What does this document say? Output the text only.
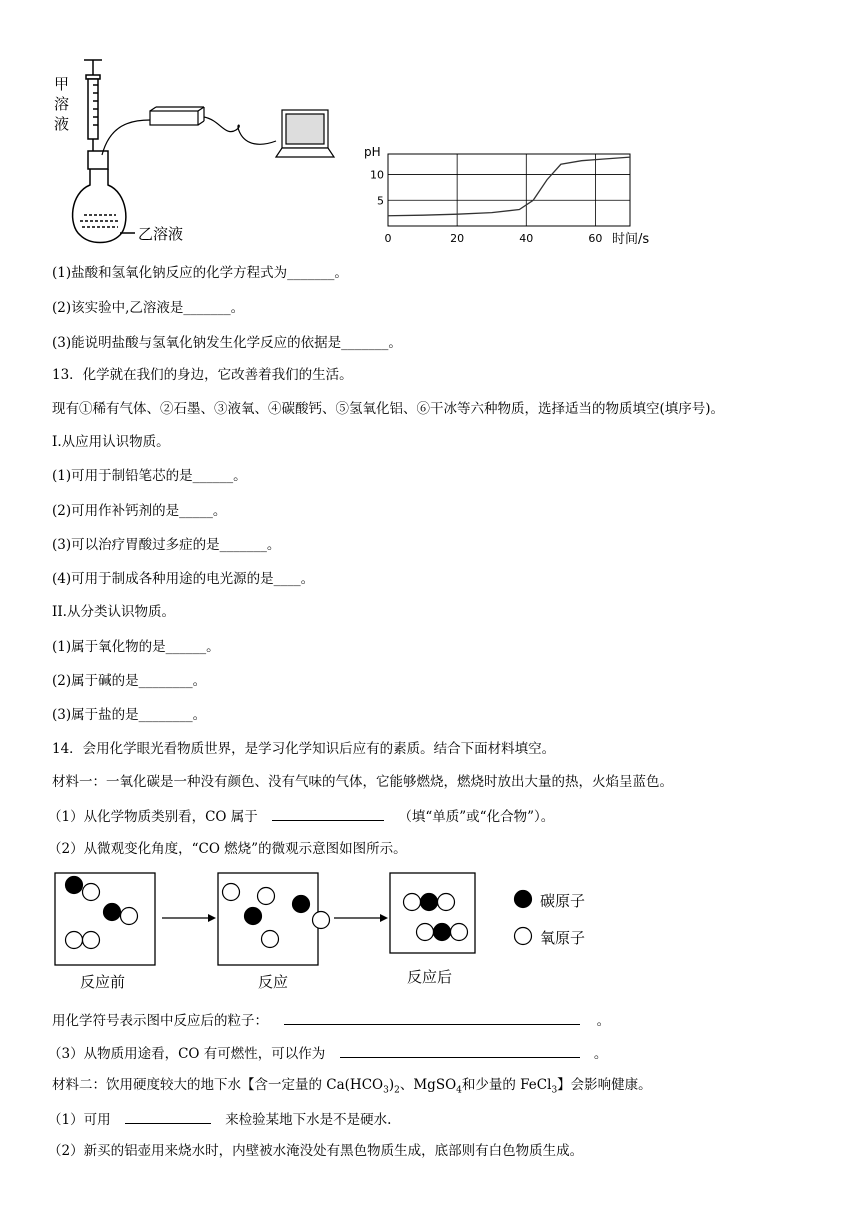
甲
溶
液
乙溶液
5
10
0	20	40	60
pH
时间/s
(1)盐酸和氢氧化钠反应的化学方程式为_______。
(2)该实验中,乙溶液是_______。
(3)能说明盐酸与氢氧化钠发生化学反应的依据是_______。
13．化学就在我们的身边，它改善着我们的生活。
现有①稀有气体、②石墨、③液氧、④碳酸钙、⑤氢氧化铝、⑥干冰等六种物质，选择适当的物质填空(填序号)。
I.从应用认识物质。
(1)可用于制铅笔芯的是______。
(2)可用作补钙剂的是_____。
(3)可以治疗胃酸过多症的是_______。
(4)可用于制成各种用途的电光源的是____。
II.从分类认识物质。
(1)属于氧化物的是______。
(2)属于碱的是________。
(3)属于盐的是________。
14．会用化学眼光看物质世界，是学习化学知识后应有的素质。结合下面材料填空。
材料一：一氧化碳是一种没有颜色、没有气味的气体，它能够燃烧，燃烧时放出大量的热，火焰呈蓝色。
（1）从化学物质类别看，CO 属于	（填“单质”或“化合物”）。
（2）从微观变化角度，“CO 燃烧”的微观示意图如图所示。
反应前	反应	反应后
碳原子
氧原子
用化学符号表示图中反应后的粒子：	。
（3）从物质用途看，CO 有可燃性，可以作为	。
材料二：饮用硬度较大的地下水【含一定量的 $Ca(HCO_3)_2$、MgSO$_4$和少量的 FeCl$_3$】会影响健康。
（1）可用	来检验某地下水是不是硬水.
（2）新买的铝壶用来烧水时，内壁被水淹没处有黑色物质生成，底部则有白色物质生成。
